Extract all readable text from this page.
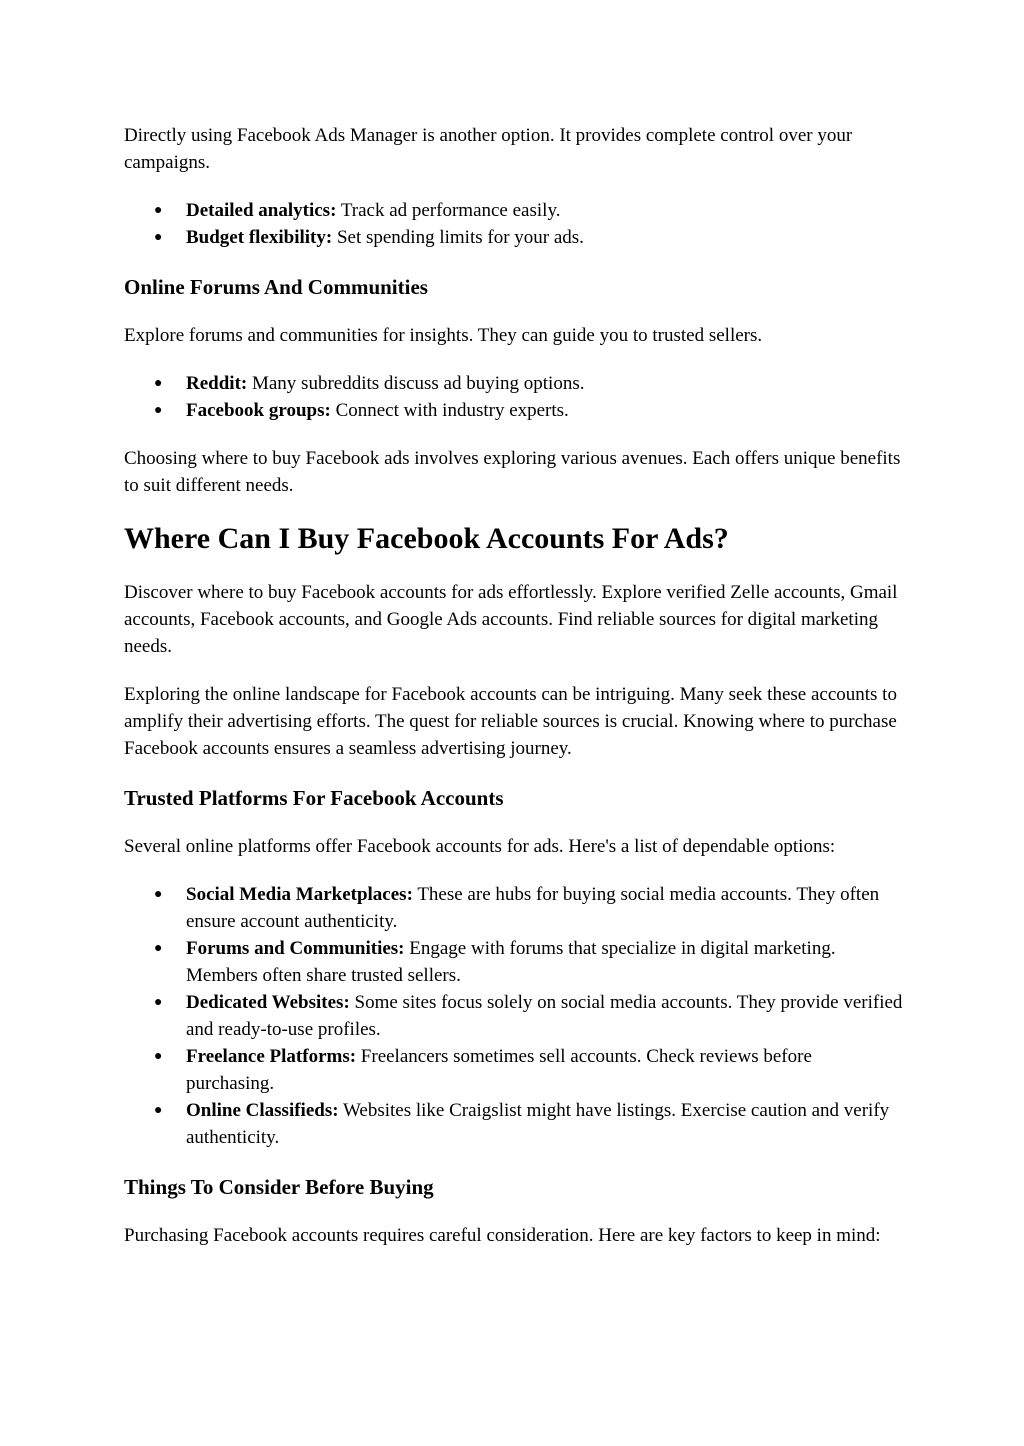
Directly using Facebook Ads Manager is another option. It provides complete control over your campaigns.

● Detailed analytics: Track ad performance easily.
● Budget flexibility: Set spending limits for your ads.
Online Forums And Communities

Explore forums and communities for insights. They can guide you to trusted sellers.

● Reddit: Many subreddits discuss ad buying options.
● Facebook groups: Connect with industry experts.

Choosing where to buy Facebook ads involves exploring various avenues. Each offers unique benefits to suit different needs.

Where Can I Buy Facebook Accounts For Ads?

Discover where to buy Facebook accounts for ads effortlessly. Explore verified Zelle accounts, Gmail accounts, Facebook accounts, and Google Ads accounts. Find reliable sources for digital marketing needs.

Exploring the online landscape for Facebook accounts can be intriguing. Many seek these accounts to amplify their advertising efforts. The quest for reliable sources is crucial. Knowing where to purchase Facebook accounts ensures a seamless advertising journey.

Trusted Platforms For Facebook Accounts

Several online platforms offer Facebook accounts for ads. Here's a list of dependable options:

● Social Media Marketplaces: These are hubs for buying social media accounts. They often ensure account authenticity.
● Forums and Communities: Engage with forums that specialize in digital marketing. Members often share trusted sellers.
● Dedicated Websites: Some sites focus solely on social media accounts. They provide verified and ready-to-use profiles.
● Freelance Platforms: Freelancers sometimes sell accounts. Check reviews before purchasing.
● Online Classifieds: Websites like Craigslist might have listings. Exercise caution and verify authenticity.
Things To Consider Before Buying

Purchasing Facebook accounts requires careful consideration. Here are key factors to keep in mind:
